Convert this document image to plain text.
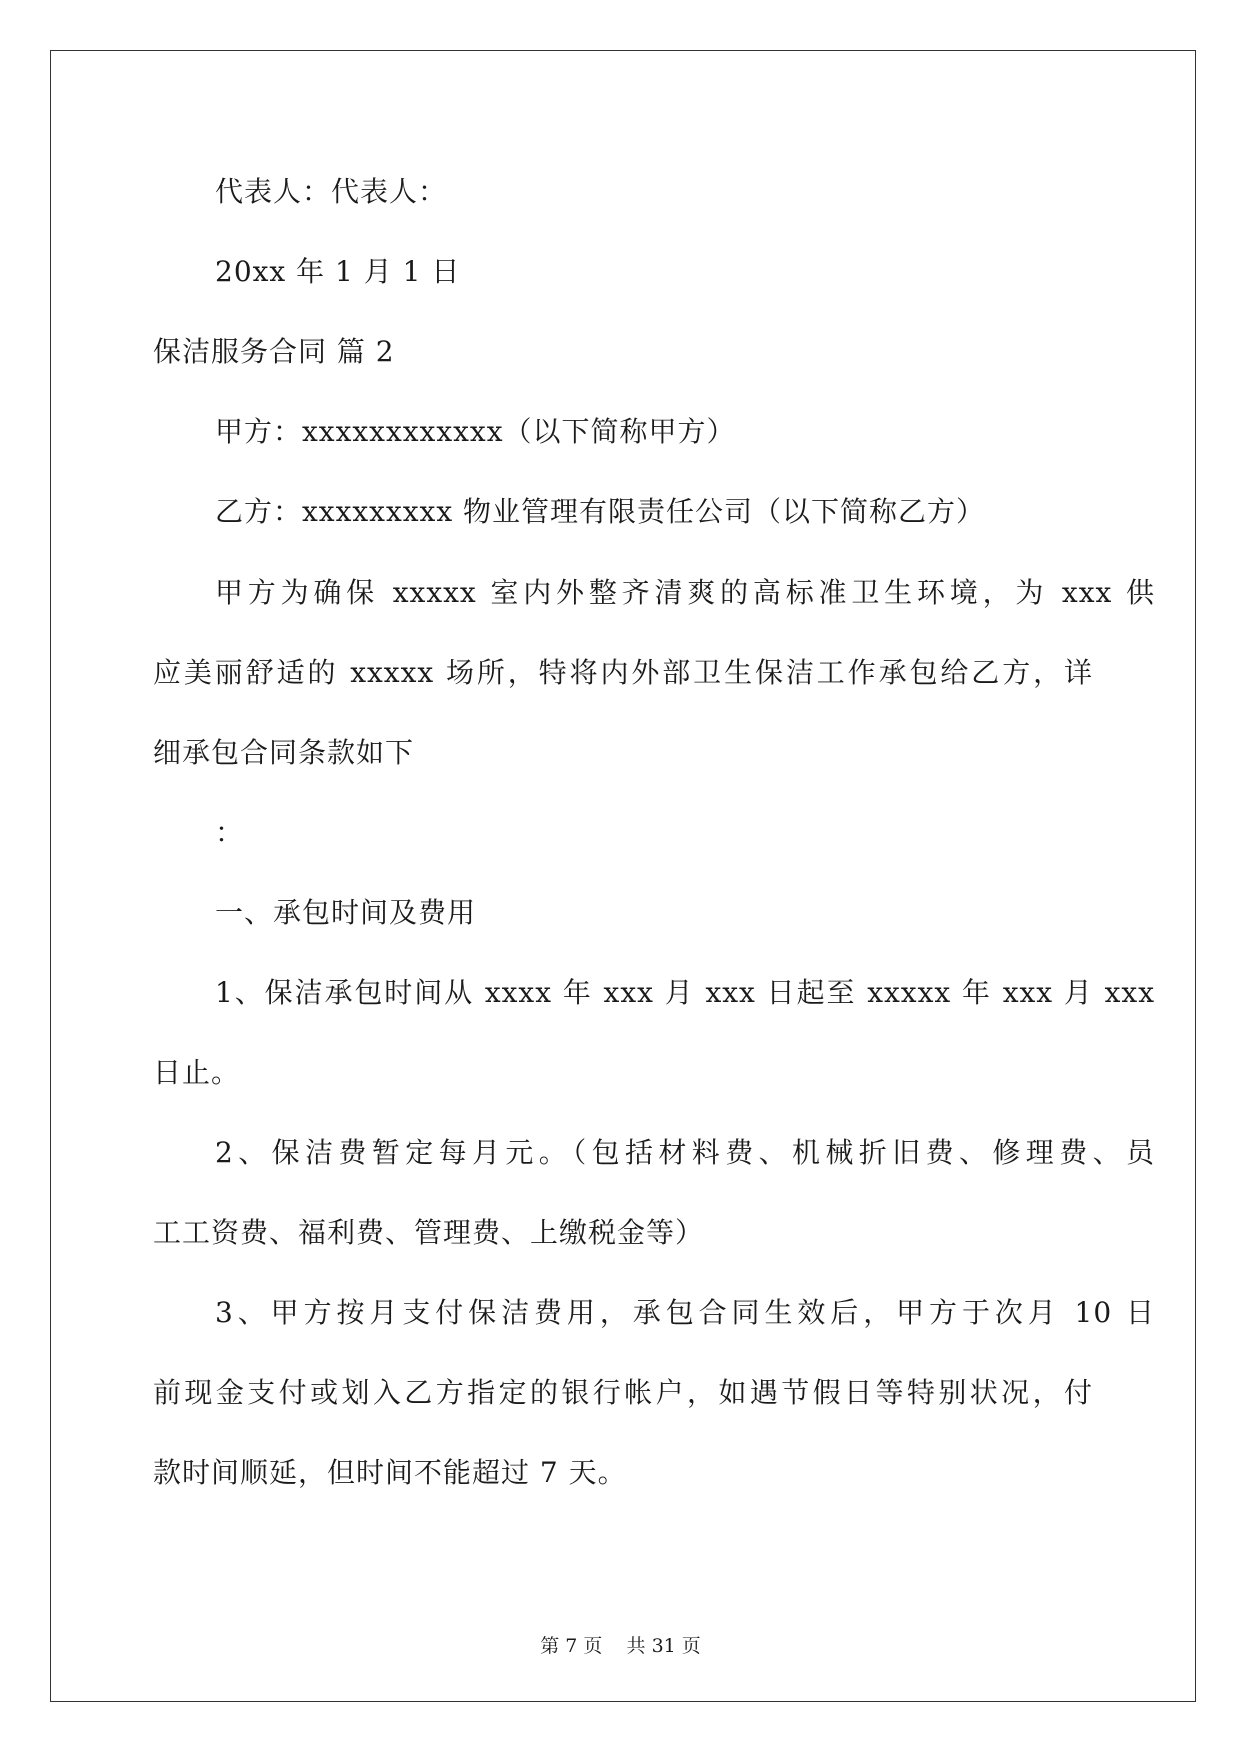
代表人：代表人：
20xx 年 1 月 1 日
保洁服务合同 篇 2
甲方：xxxxxxxxxxxx（以下简称甲方）
乙方：xxxxxxxxx 物业管理有限责任公司（以下简称乙方）
甲方为确保 xxxxx 室内外整齐清爽的高标准卫生环境，为 xxx 供
应美丽舒适的 xxxxx 场所，特将内外部卫生保洁工作承包给乙方，详
细承包合同条款如下
：
一、承包时间及费用
1、保洁承包时间从 xxxx 年 xxx 月 xxx 日起至 xxxxx 年 xxx 月 xxx
日止。
2、保洁费暂定每月元。（包括材料费、机械折旧费、修理费、员
工工资费、福利费、管理费、上缴税金等）
3、甲方按月支付保洁费用，承包合同生效后，甲方于次月 10 日
前现金支付或划入乙方指定的银行帐户，如遇节假日等特别状况，付
款时间顺延，但时间不能超过 7 天。
第 7 页    共 31 页
